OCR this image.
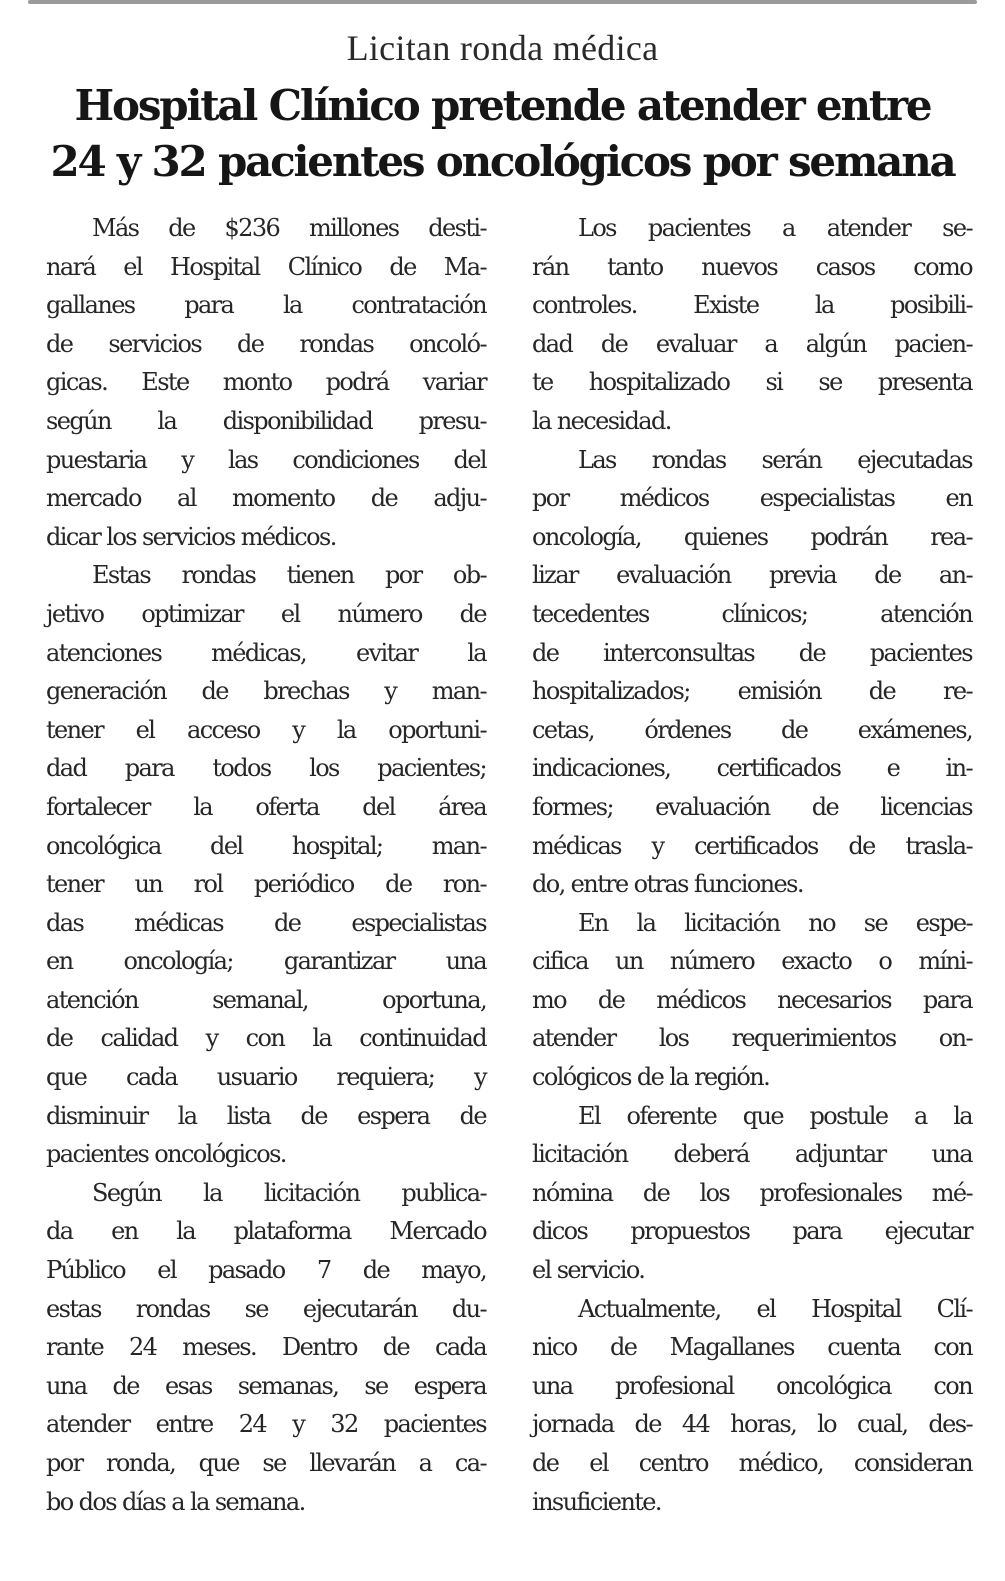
Licitan ronda médica
Hospital Clínico pretende atender entre
24 y 32 pacientes oncológicos por semana
Más de $236 millones desti-
nará el Hospital Clínico de Ma-
gallanes para la contratación
de servicios de rondas oncoló-
gicas. Este monto podrá variar
según la disponibilidad presu-
puestaria y las condiciones del
mercado al momento de adju-
dicar los servicios médicos.
Estas rondas tienen por ob-
jetivo optimizar el número de
atenciones médicas, evitar la
generación de brechas y man-
tener el acceso y la oportuni-
dad para todos los pacientes;
fortalecer la oferta del área
oncológica del hospital; man-
tener un rol periódico de ron-
das médicas de especialistas
en oncología; garantizar una
atención semanal, oportuna,
de calidad y con la continuidad
que cada usuario requiera; y
disminuir la lista de espera de
pacientes oncológicos.
Según la licitación publica-
da en la plataforma Mercado
Público el pasado 7 de mayo,
estas rondas se ejecutarán du-
rante 24 meses. Dentro de cada
una de esas semanas, se espera
atender entre 24 y 32 pacientes
por ronda, que se llevarán a ca-
bo dos días a la semana.
Los pacientes a atender se-
rán tanto nuevos casos como
controles. Existe la posibili-
dad de evaluar a algún pacien-
te hospitalizado si se presenta
la necesidad.
Las rondas serán ejecutadas
por médicos especialistas en
oncología, quienes podrán rea-
lizar evaluación previa de an-
tecedentes clínicos; atención
de interconsultas de pacientes
hospitalizados; emisión de re-
cetas, órdenes de exámenes,
indicaciones, certificados e in-
formes; evaluación de licencias
médicas y certificados de trasla-
do, entre otras funciones.
En la licitación no se espe-
cifica un número exacto o míni-
mo de médicos necesarios para
atender los requerimientos on-
cológicos de la región.
El oferente que postule a la
licitación deberá adjuntar una
nómina de los profesionales mé-
dicos propuestos para ejecutar
el servicio.
Actualmente, el Hospital Clí-
nico de Magallanes cuenta con
una profesional oncológica con
jornada de 44 horas, lo cual, des-
de el centro médico, consideran
insuficiente.
